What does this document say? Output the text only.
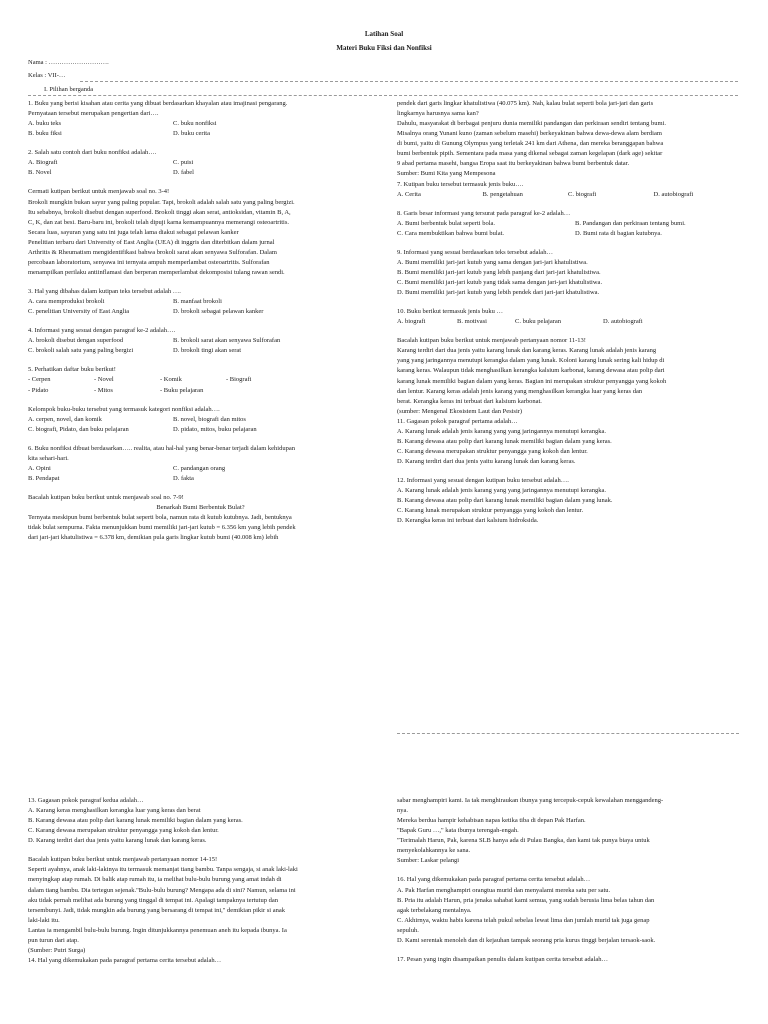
Latihan Soal
Materi Buku Fiksi dan Nonfiksi
Nama : ……………………….
Kelas : VII-…
I. Pilihan berganda

1. Buku yang berisi kisahan atau cerita yang dibuat berdasarkan khayalan atau imajinasi pengarang.

Pernyataan tersebut merupakan pengertian dari….

A. buku teks	C. buku nonfiksi
B. buku fiksi	D. buku cerita

2. Salah satu contoh dari buku nonfiksi adalah….

A. Biografi	C. puisi
B. Novel	D. fabel

Cermati kutipan berikut untuk menjawab soal no. 3-4!

Brokoli mungkin bukan sayur yang paling popular. Tapi, brokoli adalah salah satu yang paling bergizi.

Itu sebabnya, brokoli disebut dengan superfood. Brokoli tinggi akan serat, antioksidan, vitamin B, A,

C, K, dan zat besi. Baru-baru ini, brokoli telah dipuji karna kemampuannya memerangi osteoartritis.

Secara luas, sayuran yang satu ini juga telah lama diakui sebagai pelawan kanker

Penelitian terbaru dari University of East Anglia (UEA) di inggris dan diterbitkan dalam jurnal

Arthritis & Rheumatism mengidentifikasi bahwa brokoli sarat akan senyawa Sulforafan. Dalam

percobaan laboratorium, senyawa ini ternyata ampuh memperlambat osteoartritis. Sulforafan

menampilkan perilaku antiinflamasi dan berperan memperlambat dekomposisi tulang rawan sendi.

3. Hal yang dibahas dalam kutipan teks tersebut adalah ….

A. cara memproduksi brokoli	B. manfaat brokoli
C. penelitian University of East Anglia	D. brokoli sebagai pelawan kanker

4. Informasi yang sesuai dengan paragraf ke-2 adalah….

A. brokoli disebut dengan superfood	B. brokoli sarat akan senyawa Sulforafan
C. brokoli salah satu yang paling bergizi	D. brokoli tingi akan serat

5. Perhatikan daftar buku berikut!

- Cerpen	- Novel	- Komik	- Biografi
- Pidato	- Mitos	- Buku pelajaran

Kelompok buku-buku tersebut yang termasuk kategori nonfiksi adalah….

A. cerpen, novel, dan komik	B. novel, biografi dan mitos
C. biografi, Pidato, dan buku pelajaran	D. pidato, mitos, buku pelajaran

6. Buku nonfiksi dibuat berdasarkan….. realita, atau hal-hal yang benar-benar terjadi dalam kehidupan

kita sehari-hari.

A. Opini	C. pandangan orang
B. Pendapat	D. fakta

Bacalah kutipan buku berikut untuk menjawab soal no. 7-9!

Benarkah Bumi Berbentuk Bulat?

Ternyata meskipun bumi berbentuk bulat seperti bola, namun rata di kutub kutubnya. Jadi, bentuknya

tidak bulat sempurna. Fakta menunjukkan bumi memiliki jari-jari kutub = 6.356 km yang lebih pendek

dari jari-jari khatulistiwa = 6.378 km, demikian pula garis lingkar kutub bumi (40.008 km) lebih

pendek dari garis lingkar khatulistiwa (40.075 km). Nah, kalau bulat seperti bola jari-jari dan garis

lingkarnya harusnya sama kan?

Dahulu, masyarakat di berbagai penjuru dunia memiliki pandangan dan perkiraan sendiri tentang bumi.

Misalnya orang Yunani kuno (zaman sebelum masehi) berkeyakinan bahwa dewa-dewa alam berdiam

di bumi, yaitu di Gunung Olympus yang terletak 241 km dari Athena, dan mereka beranggapan bahwa

bumi berbentuk pipih. Sementara pada masa yang dikenal sebagai zaman kegelapan (dark age) sekitar

9 abad pertama masehi, bangsa Eropa saat itu berkeyakinan bahwa bumi berbentuk datar.

Sumber: Bumi Kita yang Mempesona

7. Kutipan buku tersebut termasuk jenis buku….

A. Cerita	B. pengetahuan	C. biografi	D. autobiografi

8. Garis besar informasi yang tersurat pada paragraf ke-2 adalah…

A. Bumi berbentuk bulat seperti bola.	B. Pandangan dan perkiraan tentang bumi.
C. Cara membuktikan bahwa bumi bulat.	D. Bumi rata di bagian kutubnya.

9. Informasi yang sesuai berdasarkan teks tersebut adalah…

A. Bumi memiliki jari-jari kutub yang sama dengan jari-jari khatulistiwa.

B. Bumi memiliki jari-jari kutub yang lebih panjang dari jari-jari khatulistiwa.

C. Bumi memiliki jari-jari kutub yang tidak sama dengan jari-jari khatulistiwa.

D. Bumi memiliki jari-jari kutub yang lebih pendek dari jari-jari khatulistiwa.

10. Buku berikut termasuk jenis buku …

A. biografi	B. motivasi	C. buku pelajaran	D. autobiografi

Bacalah kutipan buku berikut untuk menjawab pertanyaan nomor 11-13!

Karang terdiri dari dua jenis yaitu karang lunak dan karang keras. Karang lunak adalah jenis karang

yang yang jaringannya menutupi kerangka dalam yang lunak. Koloni karang lunak sering kali hidup di

karang keras. Walaupun tidak menghasilkan kerangka kalsium karbonat, karang dewasa atau polip dari

karang lunak memiliki bagian dalam yang keras. Bagian ini merupakan struktur penyangga yang kokoh

dan lentur. Karang keras adalah jenis karang yang menghasilkan kerangka luar yang keras dan

berat. Kerangka keras ini terbuat dari kalsium karbonat.

(sumber: Mengenal Ekosistem Laut dan Pesisir)

11. Gagasan pokok paragraf pertama adalah…

A. Karang lunak adalah jenis karang yang yang jaringannya menutupi kerangka.

B. Karang dewasa atau polip dari karang lunak memiliki bagian dalam yang keras.

C. Karang dewasa merupakan struktur penyangga yang kokoh dan lentur.

D. Karang terdiri dari dua jenis yaitu karang lunak dan karang keras.

12. Informasi yang sesuai dengan kutipan buku tersebut adalah….

A. Karang lunak adalah jenis karang yang yang jaringannya menutupi kerangka.

B. Karang dewasa atau polip dari karang lunak memiliki bagian dalam yang lunak.

C. Karang lunak merupakan struktur penyangga yang kokoh dan lentur.

D. Kerangka keras ini terbuat dari kalsium hidroksida.

13. Gagasan pokok paragraf kedua adalah…

A. Karang keras menghasilkan kerangka luar yang keras dan berat

B. Karang dewasa atau polip dari karang lunak memiliki bagian dalam yang keras.

C. Karang dewasa merupakan struktur penyangga yang kokoh dan lentur.

D. Karang terdiri dari dua jenis yaitu karang lunak dan karang keras.

Bacalah kutipan buku berikut untuk menjawab pertanyaan nomor 14-15!

Seperti ayahnya, anak laki-lakinya itu termasuk memanjat tiang bambu. Tanpa sengaja, si anak laki-laki

menyingkap atap rumah. Di balik atap rumah itu, ia melihat bulu-bulu burung yang amat indah di

dalam tiang bambu. Dia tertegun sejenak."Bulu-bulu burung? Mengapa ada di sini? Namun, selama ini

aku tidak pernah melihat ada burung yang tinggal di tempat ini. Apalagi tampaknya tertutup dan

tersembunyi. Jadi, tidak mungkin ada burung yang bersarang di tempat ini," demikian pikir si anak

laki-laki itu.

Lantas ia mengambil bulu-bulu burung. Ingin ditunjukkannya penemuan aneh itu kepada ibunya. Ia

pun turun dari atap.

(Sumber: Putri Surga)

14. Hal yang dikemukakan pada paragraf pertama cerita tersebut adalah…

sabar menghampiri kami. Ia tak menghiraukan ibunya yang tercepuk-cepuk kewalahan menggandeng-

nya.

Mereka berdua hampir kehabisan napas ketika tiba di depan Pak Harfan.

"Bapak Guru …," kata ibunya terengah-engah.

"Terimalah Harun, Pak, karena SLB hanya ada di Pulau Bangka, dan kami tak punya biaya untuk

menyekolahkannya ke sana.

Sumber: Laskar pelangi

16. Hal yang dikemukakan pada paragraf pertama cerita tersebut adalah…

A. Pak Harfan menghampiri orangtua murid dan menyalami mereka satu per satu.

B. Pria itu adalah Harun, pria jenaka sahabat kami semua, yang sudah berusia lima belas tahun dan

agak terbelakang mentalnya.

C. Akhirnya, waktu habis karena telah pukul sebelas lewat lima dan jumlah murid tak juga genap

sepuluh.

D. Kami serentak menoleh dan di kejauhan tampak seorang pria kurus tinggi berjalan tersaok-saok.

17. Pesan yang ingin disampaikan penulis dalam kutipan cerita tersebut adalah…
